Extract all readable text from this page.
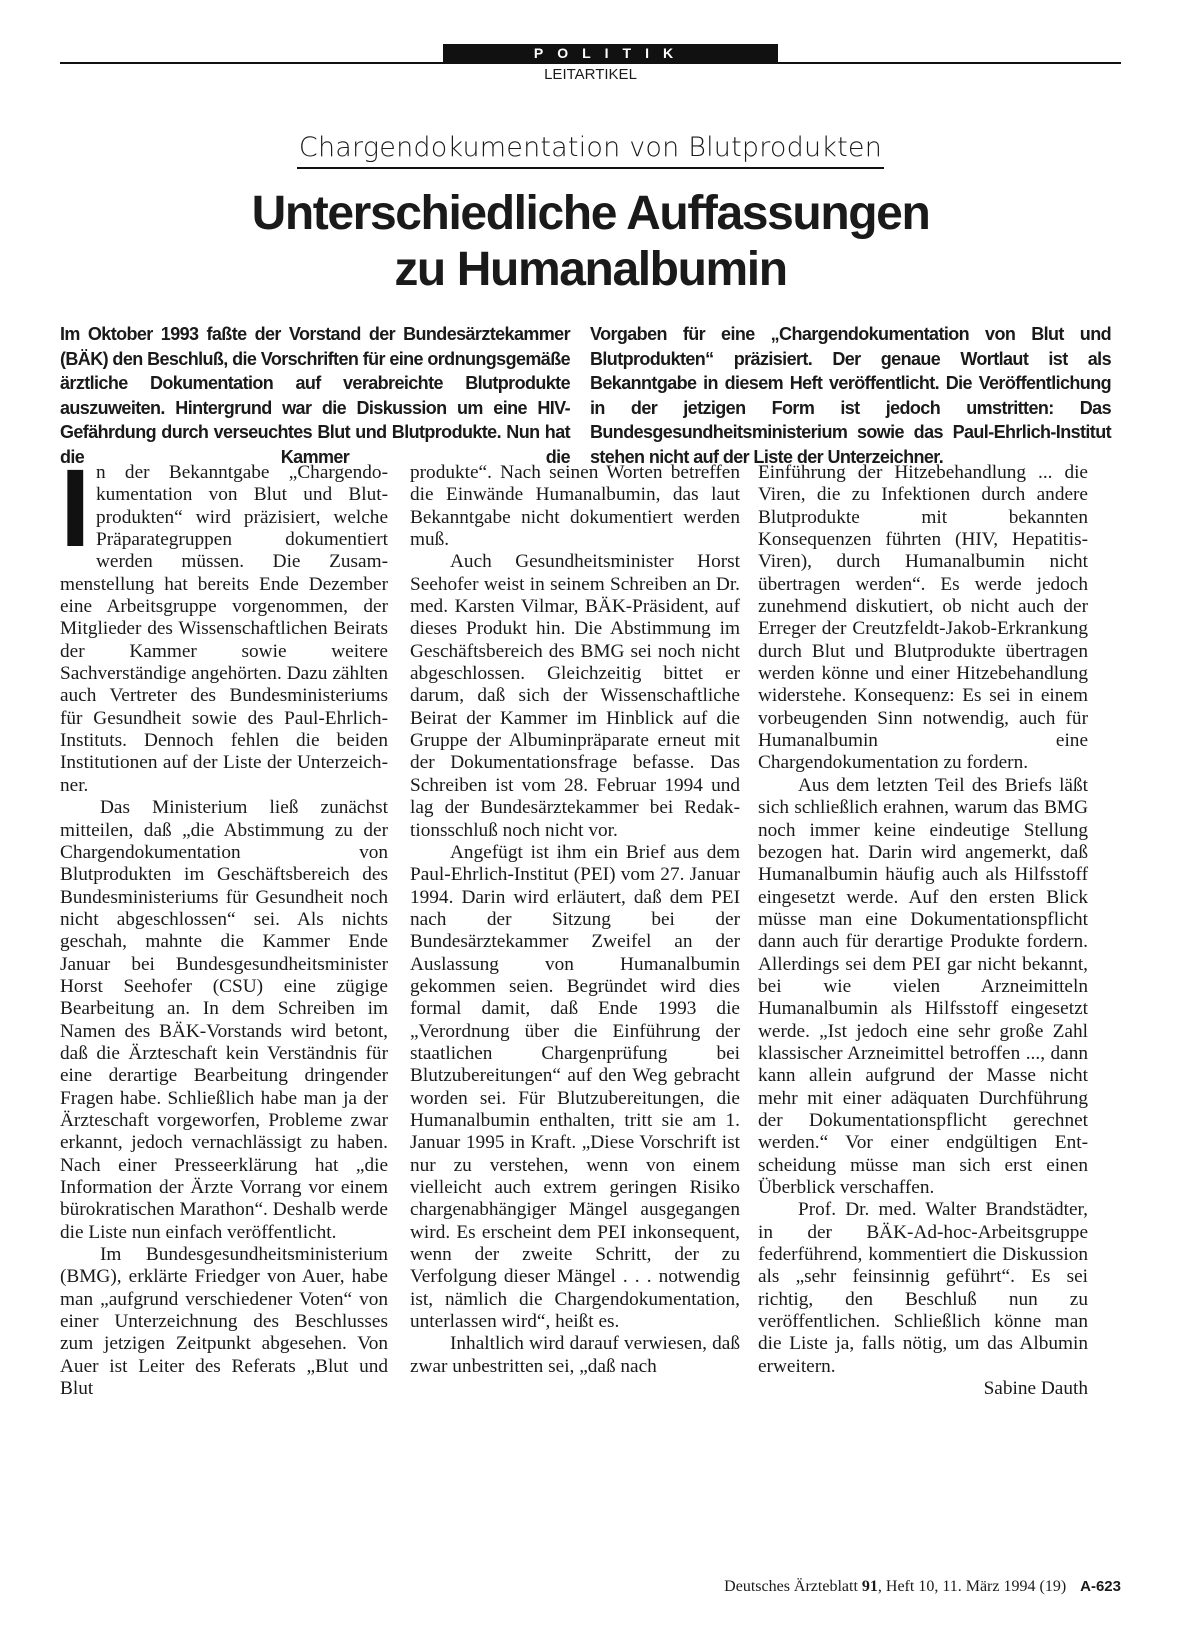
POLITIK
LEITARTIKEL
Chargendokumentation von Blutprodukten
Unterschiedliche Auffassungen
zu Humanalbumin
Im Oktober 1993 faßte der Vorstand der Bundesärztekammer (BÄK) den Beschluß, die Vorschriften für eine ordnungsgemäße ärztliche Dokumentation auf verabreichte Blutprodukte auszuweiten. Hintergrund war die Diskussion um eine HIV-Gefährdung durch verseuchtes Blut und Blutprodukte. Nun hat die Kammer die
Vorgaben für eine „Chargendokumentation von Blut und Blutprodukten“ präzisiert. Der genaue Wortlaut ist als Bekanntgabe in diesem Heft veröffentlicht. Die Veröffentlichung in der jetzigen Form ist jedoch umstritten: Das Bundesgesundheitsministerium sowie das Paul-Ehrlich-Institut stehen nicht auf der Liste der Unterzeichner.
I n der Bekanntgabe „Chargendokumentation von Blut und Blutprodukten“ wird präzisiert, welche Präparategruppen dokumentiert werden müssen. Die Zusammenstellung hat bereits Ende Dezember eine Arbeitsgruppe vorgenommen, der Mitglieder des Wissenschaftlichen Beirats der Kammer sowie weitere Sachverständige angehörten. Dazu zählten auch Vertreter des Bundesministeriums für Gesundheit sowie des Paul-Ehrlich-Instituts. Dennoch fehlen die beiden Institutionen auf der Liste der Unterzeichner.

Das Ministerium ließ zunächst mitteilen, daß „die Abstimmung zu der Chargendokumentation von Blutprodukten im Geschäftsbereich des Bundesministeriums für Gesundheit noch nicht abgeschlossen“ sei. Als nichts geschah, mahnte die Kammer Ende Januar bei Bundesgesundheitsminister Horst Seehofer (CSU) eine zügige Bearbeitung an. In dem Schreiben im Namen des BÄK-Vorstands wird betont, daß die Ärzteschaft kein Verständnis für eine derartige Bearbeitung dringender Fragen habe. Schließlich habe man ja der Ärzteschaft vorgeworfen, Probleme zwar erkannt, jedoch vernachlässigt zu haben. Nach einer Presseerklärung hat „die Information der Ärzte Vorrang vor einem bürokratischen Marathon“. Deshalb werde die Liste nun einfach veröffentlicht.

Im Bundesgesundheitsministerium (BMG), erklärte Friedger von Auer, habe man „aufgrund verschiedener Voten“ von einer Unterzeichnung des Beschlusses zum jetzigen Zeitpunkt abgesehen. Von Auer ist Leiter des Referats „Blut und Blut

produkte“. Nach seinen Worten betreffen die Einwände Humanalbumin, das laut Bekanntgabe nicht dokumentiert werden muß.

Auch Gesundheitsminister Horst Seehofer weist in seinem Schreiben an Dr. med. Karsten Vilmar, BÄK-Präsident, auf dieses Produkt hin. Die Abstimmung im Geschäftsbereich des BMG sei noch nicht abgeschlossen. Gleichzeitig bittet er darum, daß sich der Wissenschaftliche Beirat der Kammer im Hinblick auf die Gruppe der Albuminpräparate erneut mit der Dokumentationsfrage befasse. Das Schreiben ist vom 28. Februar 1994 und lag der Bundesärztekammer bei Redaktionsschluß noch nicht vor.

Angefügt ist ihm ein Brief aus dem Paul-Ehrlich-Institut (PEI) vom 27. Januar 1994. Darin wird erläutert, daß dem PEI nach der Sitzung bei der Bundesärztekammer Zweifel an der Auslassung von Humanalbumin gekommen seien. Begründet wird dies formal damit, daß Ende 1993 die „Verordnung über die Einführung der staatlichen Chargenprüfung bei Blutzubereitungen“ auf den Weg gebracht worden sei. Für Blutzubereitungen, die Humanalbumin enthalten, tritt sie am 1. Januar 1995 in Kraft. „Diese Vorschrift ist nur zu verstehen, wenn von einem vielleicht auch extrem geringen Risiko chargenabhängiger Mängel ausgegangen wird. Es erscheint dem PEI inkonsequent, wenn der zweite Schritt, der zu Verfolgung dieser Mängel . . . notwendig ist, nämlich die Chargendokumentation, unterlassen wird“, heißt es.

Inhaltlich wird darauf verwiesen, daß zwar unbestritten sei, „daß nach

Einführung der Hitzebehandlung ... die Viren, die zu Infektionen durch andere Blutprodukte mit bekannten Konsequenzen führten (HIV, Hepatitis-Viren), durch Humanalbumin nicht übertragen werden“. Es werde jedoch zunehmend diskutiert, ob nicht auch der Erreger der Creutzfeldt-Jakob-Erkrankung durch Blut und Blutprodukte übertragen werden könne und einer Hitzebehandlung widerstehe. Konsequenz: Es sei in einem vorbeugenden Sinn notwendig, auch für Humanalbumin eine Chargendokumentation zu fordern.

Aus dem letzten Teil des Briefs läßt sich schließlich erahnen, warum das BMG noch immer keine eindeutige Stellung bezogen hat. Darin wird angemerkt, daß Humanalbumin häufig auch als Hilfsstoff eingesetzt werde. Auf den ersten Blick müsse man eine Dokumentationspflicht dann auch für derartige Produkte fordern. Allerdings sei dem PEI gar nicht bekannt, bei wie vielen Arzneimitteln Humanalbumin als Hilfsstoff eingesetzt werde. „Ist jedoch eine sehr große Zahl klassischer Arzneimittel betroffen ..., dann kann allein aufgrund der Masse nicht mehr mit einer adäquaten Durchführung der Dokumentationspflicht gerechnet werden.“ Vor einer endgültigen Entscheidung müsse man sich erst einen Überblick verschaffen.

Prof. Dr. med. Walter Brandstädter, in der BÄK-Ad-hoc-Arbeitsgruppe federführend, kommentiert die Diskussion als „sehr feinsinnig geführt“. Es sei richtig, den Beschluß nun zu veröffentlichen. Schließlich könne man die Liste ja, falls nötig, um das Albumin erweitern.

Sabine Dauth

Deutsches Ärzteblatt 91, Heft 10, 11. März 1994 (19) A-623
